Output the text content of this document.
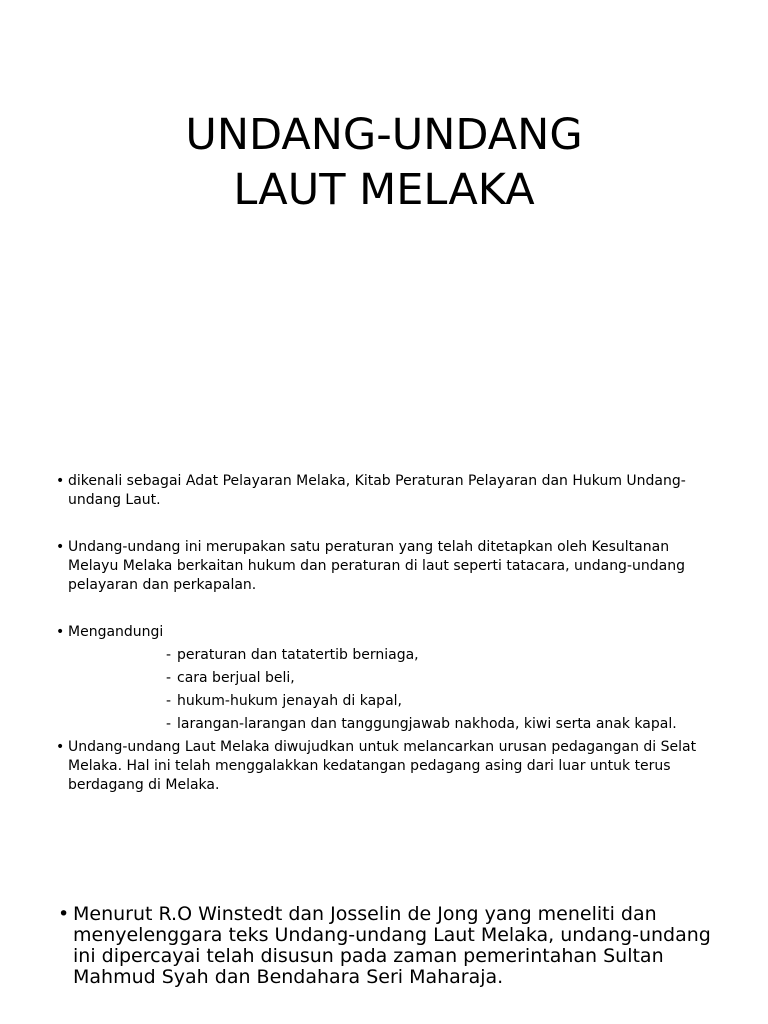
UNDANG-UNDANG
LAUT MELAKA
• dikenali sebagai Adat Pelayaran Melaka, Kitab Peraturan Pelayaran dan Hukum Undang-undang Laut.
• Undang-undang ini merupakan satu peraturan yang telah ditetapkan oleh Kesultanan Melayu Melaka berkaitan hukum dan peraturan di laut seperti tatacara, undang-undang pelayaran dan perkapalan.
• Mengandungi
- peraturan dan tatatertib berniaga,
- cara berjual beli,
- hukum-hukum jenayah di kapal,
- larangan-larangan dan tanggungjawab nakhoda, kiwi serta anak kapal.
• Undang-undang Laut Melaka diwujudkan untuk melancarkan urusan pedagangan di Selat Melaka. Hal ini telah menggalakkan kedatangan pedagang asing dari luar untuk terus berdagang di Melaka.
• Menurut R.O Winstedt dan Josselin de Jong yang meneliti dan menyelenggara teks Undang-undang Laut Melaka, undang-undang ini dipercayai telah disusun pada zaman pemerintahan Sultan Mahmud Syah dan Bendahara Seri Maharaja.
